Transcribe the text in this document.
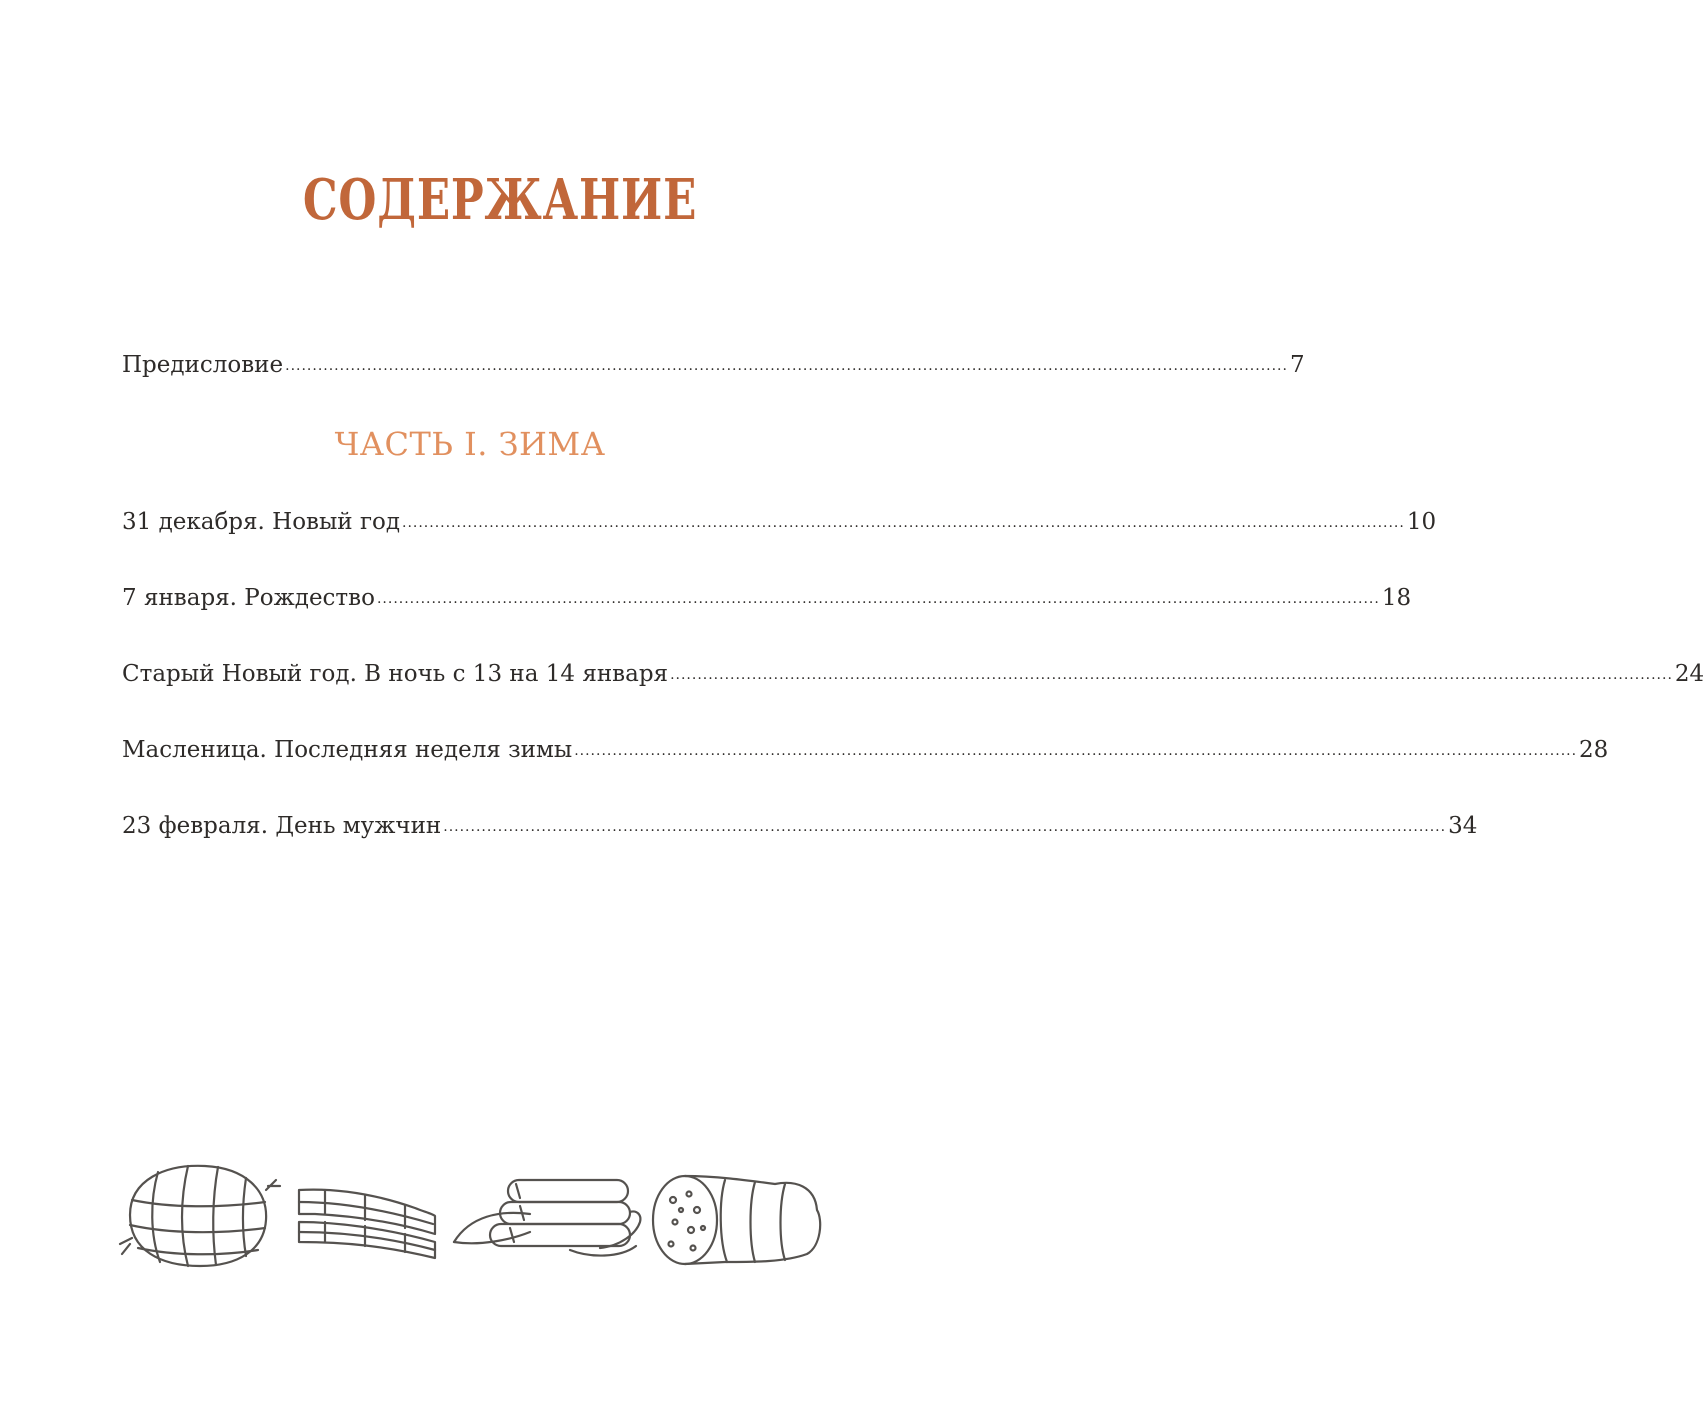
СОДЕРЖАНИЕ
Предисловие ........................................................................................................................................................................................ 7
ЧАСТЬ I. ЗИМА
31 декабря. Новый год ........................................................................................................................................................................................ 10
7 января. Рождество ........................................................................................................................................................................................ 18
Старый Новый год. В ночь с 13 на 14 января ........................................................................................................................................................................................ 24
Масленица. Последняя неделя зимы ........................................................................................................................................................................................ 28
23 февраля. День мужчин ........................................................................................................................................................................................ 34
